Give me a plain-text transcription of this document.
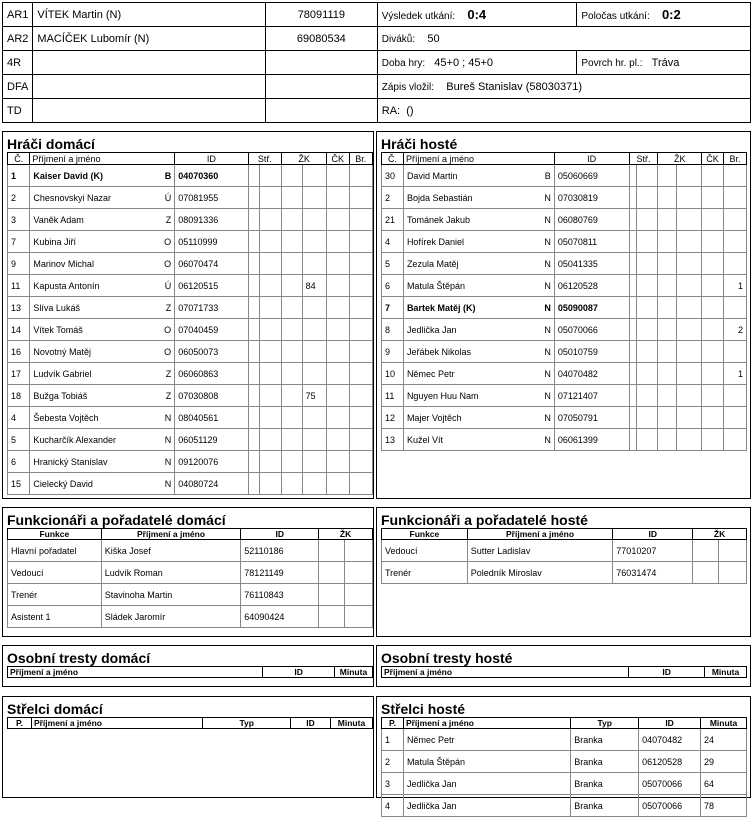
AR1	VÍTEK Martin (N)	78091119	Výsledek utkání: 0:4	Poločas utkání: 0:2
AR2	MACÍČEK Lubomír (N)	69080534	Diváků: 50	
4R			Doba hry: 45+0 ; 45+0	Povrch hr. pl.: Tráva
DFA			Zápis vložil: Bureš Stanislav (58030371)	
TD			RA: ()	
Hráči domácí
Č.	Příjmení a jméno	ID	Stř.		ŽK		ČK	Br.
1	Kaiser David (K) B	04070360						
2	Chesnovskyi Nazar Ú	07081955						
3	Vaněk Adam Z	08091336						
7	Kubina Jiří O	05110999						
9	Marinov Michal O	06070474						
11	Kapusta Antonín Ú	06120515				84		
13	Slíva Lukáš Z	07071733						
14	Vítek Tomáš O	07040459						
16	Novotný Matěj O	06050073						
17	Ludvík Gabriel Z	06060863						
18	Bužga Tobiáš Z	07030808				75		
4	Šebesta Vojtěch N	08040561						
5	Kucharčík Alexander N	06051129						
6	Hranický Stanislav N	09120076						
15	Cielecký David N	04080724						
Hráči hosté
Č.	Příjmení a jméno	ID	Stř.		ŽK		ČK	Br.
30	David Martin B	05060669						
2	Bojda Sebastián N	07030819						
21	Tománek Jakub N	06080769						
4	Hofírek Daniel N	05070811						
5	Zezula Matěj N	05041335						
6	Matula Štěpán N	06120528						1
7	Bartek Matěj (K) N	05090087						
8	Jedlička Jan N	05070066						2
9	Jeřábek Nikolas N	05010759						
10	Němec Petr N	04070482						1
11	Nguyen Huu Nam N	07121407						
12	Majer Vojtěch N	07050791						
13	Kužel Vít N	06061399						
Funkcionáři a pořadatelé domácí
Funkce	Příjmení a jméno	ID	ŽK	
Hlavní pořadatel	Kiška Josef	52110186		
Vedoucí	Ludvík Roman	78121149		
Trenér	Stavinoha Martin	76110843		
Asistent 1	Sládek Jaromír	64090424		
Funkcionáři a pořadatelé hosté
Funkce	Příjmení a jméno	ID	ŽK	
Vedoucí	Sutter Ladislav	77010207		
Trenér	Poledník Miroslav	76031474		
Osobní tresty domácí
Příjmení a jméno	ID	Minuta
Osobní tresty hosté
Příjmení a jméno	ID	Minuta
Střelci domácí
P.	Příjmení a jméno	Typ	ID	Minuta
Střelci hosté
P.	Příjmení a jméno	Typ	ID	Minuta
1	Němec Petr	Branka	04070482	24
2	Matula Štěpán	Branka	06120528	29
3	Jedlička Jan	Branka	05070066	64
4	Jedlička Jan	Branka	05070066	78
